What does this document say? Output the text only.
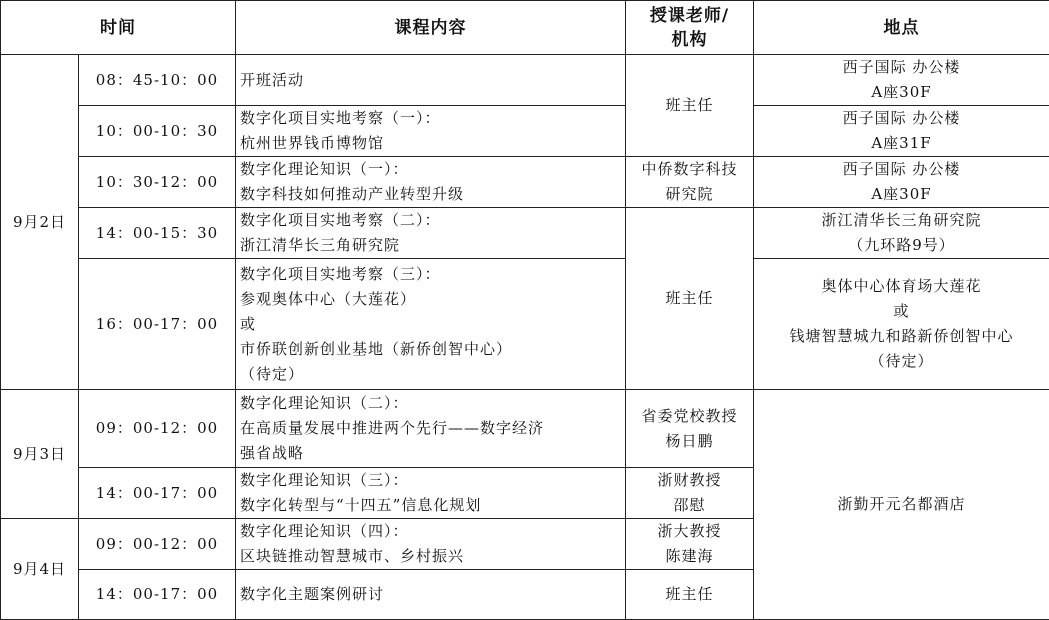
时间		课程内容	授课老师/
机构	地点
9月2日	08：45-10：00	开班活动	班主任	西子国际 办公楼
A座30F

	10：00-10：30	数字化项目实地考察（一）：
杭州世界钱币博物馆		西子国际 办公楼
A座31F

	10：30-12：00	数字化理论知识（一）：
数字科技如何推动产业转型升级	中侨数字科技
研究院	西子国际 办公楼
A座30F

	14：00-15：30	数字化项目实地考察（二）：
浙江清华长三角研究院	班主任	浙江清华长三角研究院
（九环路9号）

	16：00-17：00	数字化项目实地考察（三）：
参观奥体中心（大莲花）
或
市侨联创新创业基地（新侨创智中心）
（待定）		奥体中心体育场大莲花
或
钱塘智慧城九和路新侨创智中心
（待定）

9月3日	09：00-12：00	数字化理论知识（二）：
在高质量发展中推进两个先行——数字经济
强省战略	省委党校教授
杨日鹏	浙勤开元名都酒店
	14：00-17：00	数字化理论知识（三）：
数字化转型与“十四五”信息化规划	浙财教授
邵慰	

9月4日	09：00-12：00	数字化理论知识（四）：
区块链推动智慧城市、乡村振兴	浙大教授
陈建海	

	14：00-17：00	数字化主题案例研讨	班主任	
